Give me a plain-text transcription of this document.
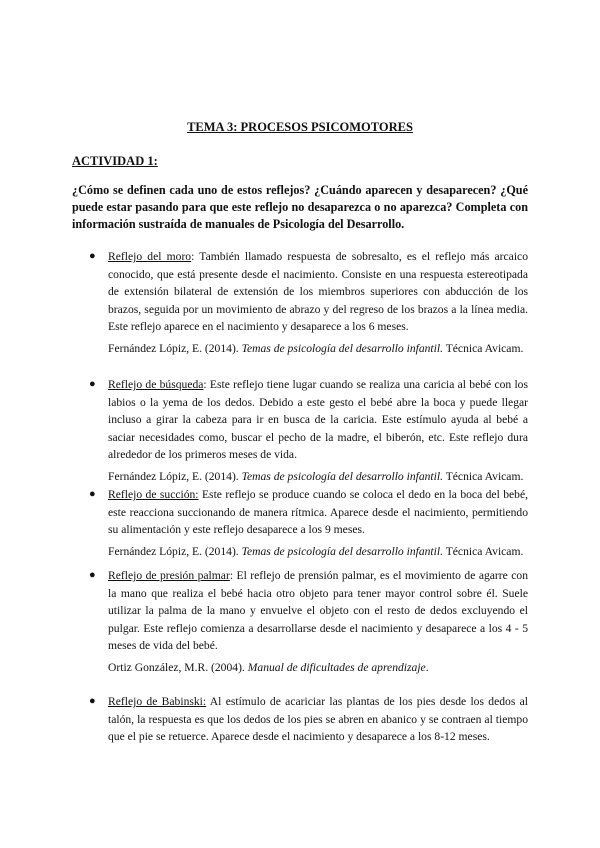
TEMA 3: PROCESOS PSICOMOTORES
ACTIVIDAD 1:
¿Cómo se definen cada uno de estos reflejos? ¿Cuándo aparecen y desaparecen? ¿Qué puede estar pasando para que este reflejo no desaparezca o no aparezca? Completa con información sustraída de manuales de Psicología del Desarrollo.
● Reflejo del moro: También llamado respuesta de sobresalto, es el reflejo más arcaico conocido, que está presente desde el nacimiento. Consiste en una respuesta estereotipada de extensión bilateral de extensión de los miembros superiores con abducción de los brazos, seguida por un movimiento de abrazo y del regreso de los brazos a la línea media. Este reflejo aparece en el nacimiento y desaparece a los 6 meses.
Fernández Lópiz, E. (2014). Temas de psicología del desarrollo infantil. Técnica Avicam.
● Reflejo de búsqueda: Este reflejo tiene lugar cuando se realiza una caricia al bebé con los labios o la yema de los dedos. Debido a este gesto el bebé abre la boca y puede llegar incluso a girar la cabeza para ir en busca de la caricia. Este estímulo ayuda al bebé a saciar necesidades como, buscar el pecho de la madre, el biberón, etc. Este reflejo dura alrededor de los primeros meses de vida.
Fernández Lópiz, E. (2014). Temas de psicología del desarrollo infantil. Técnica Avicam.
● Reflejo de succión: Este reflejo se produce cuando se coloca el dedo en la boca del bebé, este reacciona succionando de manera rítmica. Aparece desde el nacimiento, permitiendo su alimentación y este reflejo desaparece a los 9 meses.
Fernández Lópiz, E. (2014). Temas de psicología del desarrollo infantil. Técnica Avicam.
● Reflejo de presión palmar: El reflejo de prensión palmar, es el movimiento de agarre con la mano que realiza el bebé hacia otro objeto para tener mayor control sobre él. Suele utilizar la palma de la mano y envuelve el objeto con el resto de dedos excluyendo el pulgar. Este reflejo comienza a desarrollarse desde el nacimiento y desaparece a los 4 - 5 meses de vida del bebé.
Ortiz González, M.R. (2004). Manual de dificultades de aprendizaje.
● Reflejo de Babinski: Al estímulo de acariciar las plantas de los pies desde los dedos al talón, la respuesta es que los dedos de los pies se abren en abanico y se contraen al tiempo que el pie se retuerce. Aparece desde el nacimiento y desaparece a los 8-12 meses.
